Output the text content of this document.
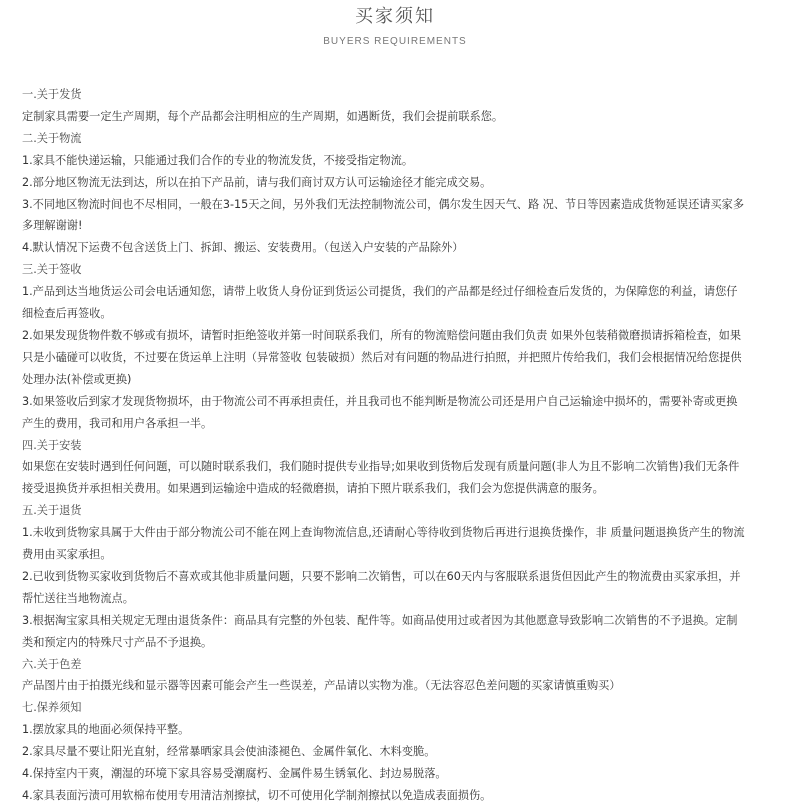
买家须知
BUYERS REQUIREMENTS

一.关于发货

定制家具需要一定生产周期，每个产品都会注明相应的生产周期，如遇断货，我们会提前联系您。

二.关于物流

1.家具不能快递运输，只能通过我们合作的专业的物流发货，不接受指定物流。

2.部分地区物流无法到达，所以在拍下产品前，请与我们商讨双方认可运输途径才能完成交易。

3.不同地区物流时间也不尽相同，一般在3-15天之间，另外我们无法控制物流公司，偶尔发生因天气、路 况、节日等因素造成货物延误还请买家多

多理解谢谢!

4.默认情况下运费不包含送货上门、拆卸、搬运、安装费用。（包送入户安装的产品除外）

三.关于签收

1.产品到达当地货运公司会电话通知您，请带上收货人身份证到货运公司提货，我们的产品都是经过仔细检查后发货的，为保障您的利益，请您仔

细检查后再签收。

2.如果发现货物件数不够或有损坏，请暂时拒绝签收并第一时间联系我们，所有的物流赔偿问题由我们负责 如果外包装稍微磨损请拆箱检查，如果

只是小磕碰可以收货，不过要在货运单上注明（异常签收 包装破损）然后对有问题的物品进行拍照，并把照片传给我们，我们会根据情况给您提供

处理办法(补偿或更换)

3.如果签收后到家才发现货物损坏，由于物流公司不再承担责任，并且我司也不能判断是物流公司还是用户自己运输途中损坏的，需要补寄或更换

产生的费用，我司和用户各承担一半。

四.关于安装

如果您在安装时遇到任何问题，可以随时联系我们，我们随时提供专业指导;如果收到货物后发现有质量问题(非人为且不影响二次销售)我们无条件

接受退换货并承担相关费用。如果遇到运输途中造成的轻微磨损，请拍下照片联系我们，我们会为您提供满意的服务。

五.关于退货

1.未收到货物家具属于大件由于部分物流公司不能在网上查询物流信息,还请耐心等待收到货物后再进行退换货操作，非 质量问题退换货产生的物流

费用由买家承担。

2.已收到货物买家收到货物后不喜欢或其他非质量问题，只要不影响二次销售，可以在60天内与客服联系退货但因此产生的物流费由买家承担，并

帮忙送往当地物流点。

3.根据淘宝家具相关规定无理由退货条件：商品具有完整的外包装、配件等。如商品使用过或者因为其他愿意导致影响二次销售的不予退换。定制

类和预定内的特殊尺寸产品不予退换。

六.关于色差

产品图片由于拍摄光线和显示器等因素可能会产生一些误差，产品请以实物为准。（无法容忍色差问题的买家请慎重购买）

七.保养须知

1.摆放家具的地面必须保持平整。

2.家具尽量不要让阳光直射，经常暴晒家具会使油漆褪色、金属件氧化、木料变脆。

4.保持室内干爽，潮湿的环境下家具容易受潮腐朽、金属件易生锈氧化、封边易脱落。

4.家具表面污渍可用软棉布使用专用清洁剂擦拭，切不可使用化学制剂擦拭以免造成表面损伤。
